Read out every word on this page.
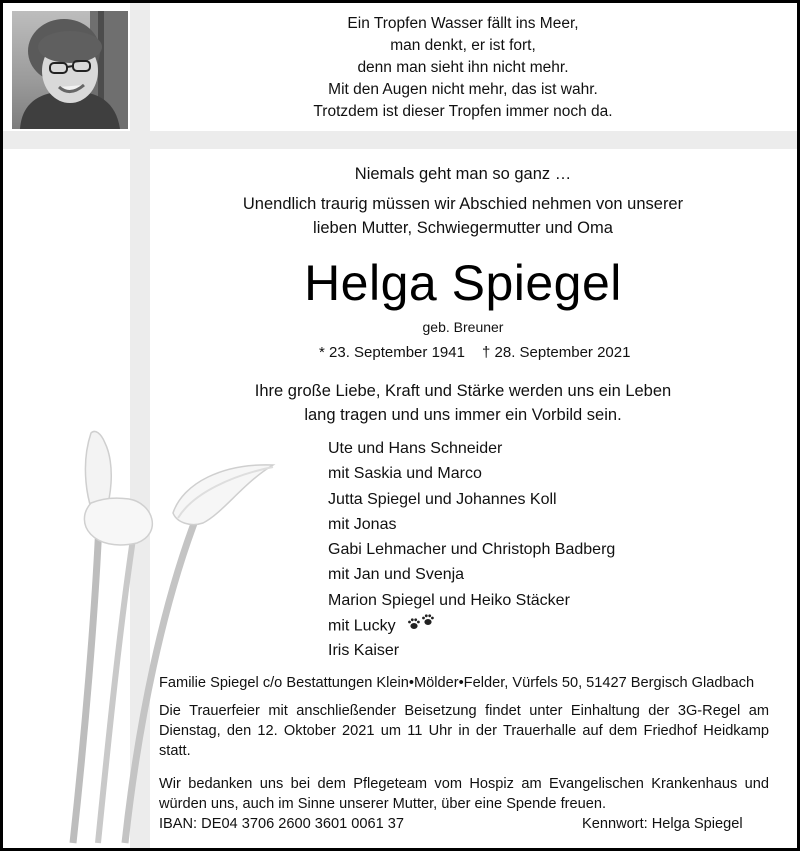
Ein Tropfen Wasser fällt ins Meer,
man denkt, er ist fort,
denn man sieht ihn nicht mehr.
Mit den Augen nicht mehr, das ist wahr.
Trotzdem ist dieser Tropfen immer noch da.
Niemals geht man so ganz …
Unendlich traurig müssen wir Abschied nehmen von unserer
lieben Mutter, Schwiegermutter und Oma
Helga Spiegel
geb. Breuner
* 23. September 1941 † 28. September 2021
Ihre große Liebe, Kraft und Stärke werden uns ein Leben
lang tragen und uns immer ein Vorbild sein.
Ute und Hans Schneider
mit Saskia und Marco
Jutta Spiegel und Johannes Koll
mit Jonas
Gabi Lehmacher und Christoph Badberg
mit Jan und Svenja
Marion Spiegel und Heiko Stäcker
mit Lucky
Iris Kaiser
Familie Spiegel c/o Bestattungen Klein•Mölder•Felder, Vürfels 50, 51427 Bergisch Gladbach
Die Trauerfeier mit anschließender Beisetzung findet unter Einhaltung der 3G-Regel am Dienstag, den 12. Oktober 2021 um 11 Uhr in der Trauerhalle auf dem Friedhof Heidkamp statt.
Wir bedanken uns bei dem Pflegeteam vom Hospiz am Evangelischen Krankenhaus und würden uns, auch im Sinne unserer Mutter, über eine Spende freuen.
IBAN: DE04 3706 2600 3601 0061 37	Kennwort: Helga Spiegel
